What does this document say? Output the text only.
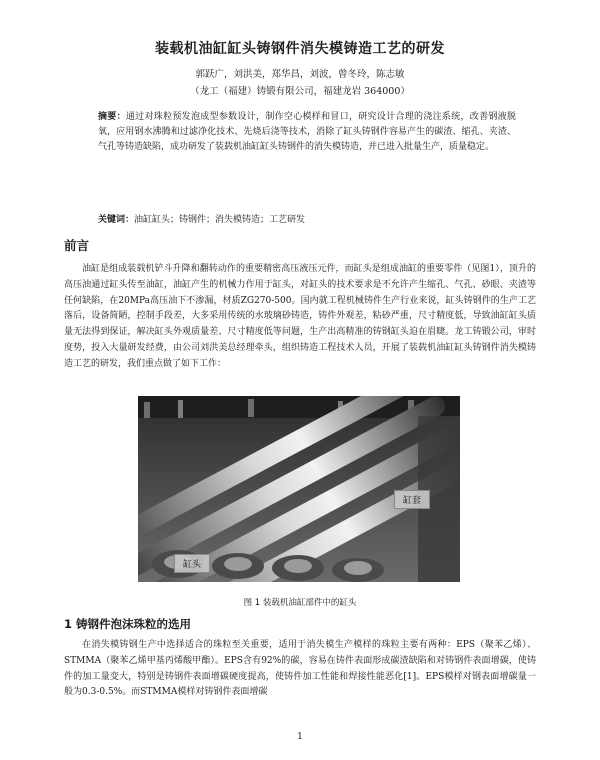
装载机油缸缸头铸钢件消失模铸造工艺的研发
郭跃广，刘洪美，郑华昌，刘波，曾冬玲，陈志敏
（龙工（福建）铸锻有限公司，福建龙岩 364000）
摘要：通过对珠粒预发泡成型参数设计，制作空心模样和冒口，研究设计合理的浇注系统，改善钢液脱氧，应用钢水沸腾和过滤净化技术、先烧后浇等技术，消除了缸头铸钢件容易产生的碳渣、缩孔、夹渣、气孔等铸造缺陷，成功研发了装载机油缸缸头铸钢件的消失模铸造，并已进入批量生产，质量稳定。
关键词：油缸缸头；铸钢件；消失模铸造；工艺研发
前言
油缸是组成装载机铲斗升降和翻转动作的重要精密高压液压元件，而缸头是组成油缸的重要零件（见图1），顶升的高压油通过缸头传至油缸，油缸产生的机械力作用于缸头，对缸头的技术要求是不允许产生缩孔、气孔、砂眼、夹渣等任何缺陷，在20MPa高压油下不渗漏，材质ZG270-500。国内就工程机械铸件生产行业来说，缸头铸钢件的生产工艺落后，设备简陋，控制手段差，大多采用传统的水玻璃砂铸造，铸件外观差，粘砂严重，尺寸精度低，导致油缸缸头质量无法得到保证，解决缸头外观质量差、尺寸精度低等问题，生产出高精准的铸钢缸头迫在眉睫。龙工铸锻公司，审时度势，投入大量研发经费，由公司刘洪美总经理牵头，组织铸造工程技术人员，开展了装载机油缸缸头铸钢件消失模铸造工艺的研发，我们重点做了如下工作：
缸套
缸头
图 1 装载机油缸部件中的缸头
1 铸钢件泡沫珠粒的选用
在消失模铸钢生产中选择适合的珠粒至关重要，适用于消失模生产模样的珠粒主要有两种：EPS（聚苯乙烯）、STMMA（聚苯乙烯甲基丙烯酸甲酯）。EPS含有92%的碳，容易在铸件表面形成碳渣缺陷和对铸钢件表面增碳，使铸件的加工量变大，特别是铸钢件表面增碳硬度提高，使铸件加工性能和焊接性能恶化[1]。EPS模样对钢表面增碳量一般为0.3-0.5%。而STMMA模样对铸钢件表面增碳
1
